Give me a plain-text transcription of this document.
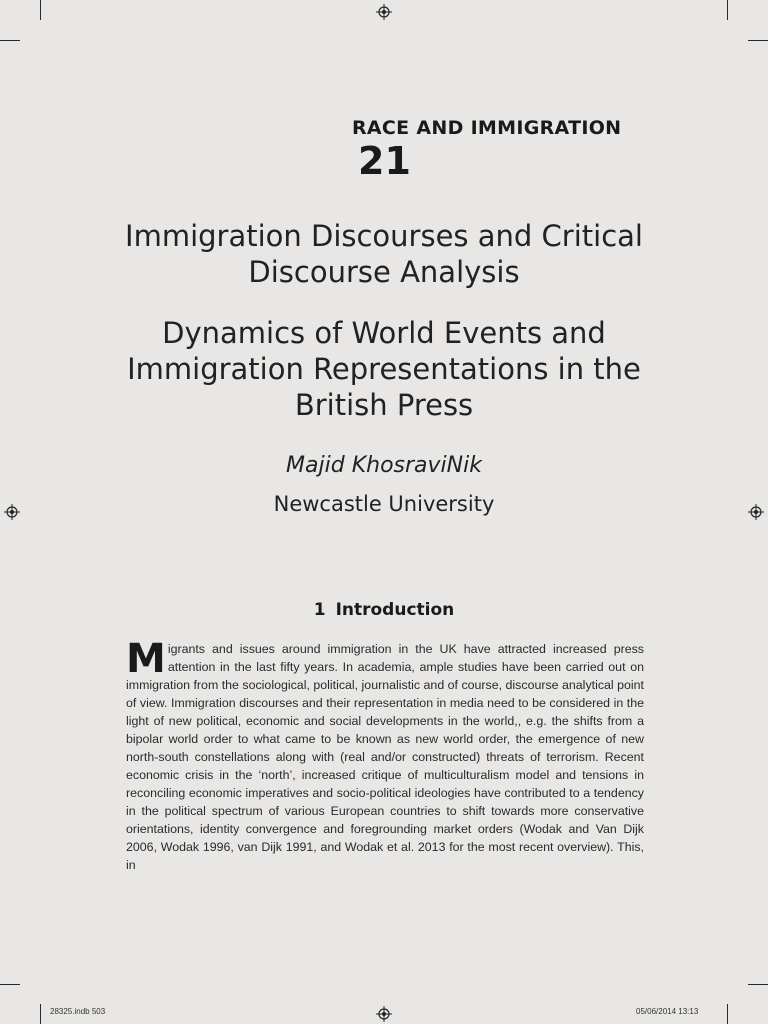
RACE AND IMMIGRATION
21
Immigration Discourses and Critical
Discourse Analysis
Dynamics of World Events and
Immigration Representations in the
British Press
Majid KhosraviNik
Newcastle University
1 Introduction
Migrants and issues around immigration in the UK have attracted increased press attention in the last fifty years. In academia, ample studies have been carried out on immigration from the sociological, political, journalistic and of course, discourse analytical point of view. Immigration discourses and their representation in media need to be considered in the light of new political, economic and social developments in the world,, e.g. the shifts from a bipolar world order to what came to be known as new world order, the emergence of new north-south constellations along with (real and/or constructed) threats of terrorism. Recent economic crisis in the ‘north’, increased critique of multiculturalism model and tensions in reconciling economic imperatives and socio-political ideologies have contributed to a tendency in the political spectrum of various European countries to shift towards more conservative orientations, identity convergence and foregrounding market orders (Wodak and Van Dijk 2006, Wodak 1996, van Dijk 1991, and Wodak et al. 2013 for the most recent overview). This, in
28325.indb 503	05/06/2014 13:13
